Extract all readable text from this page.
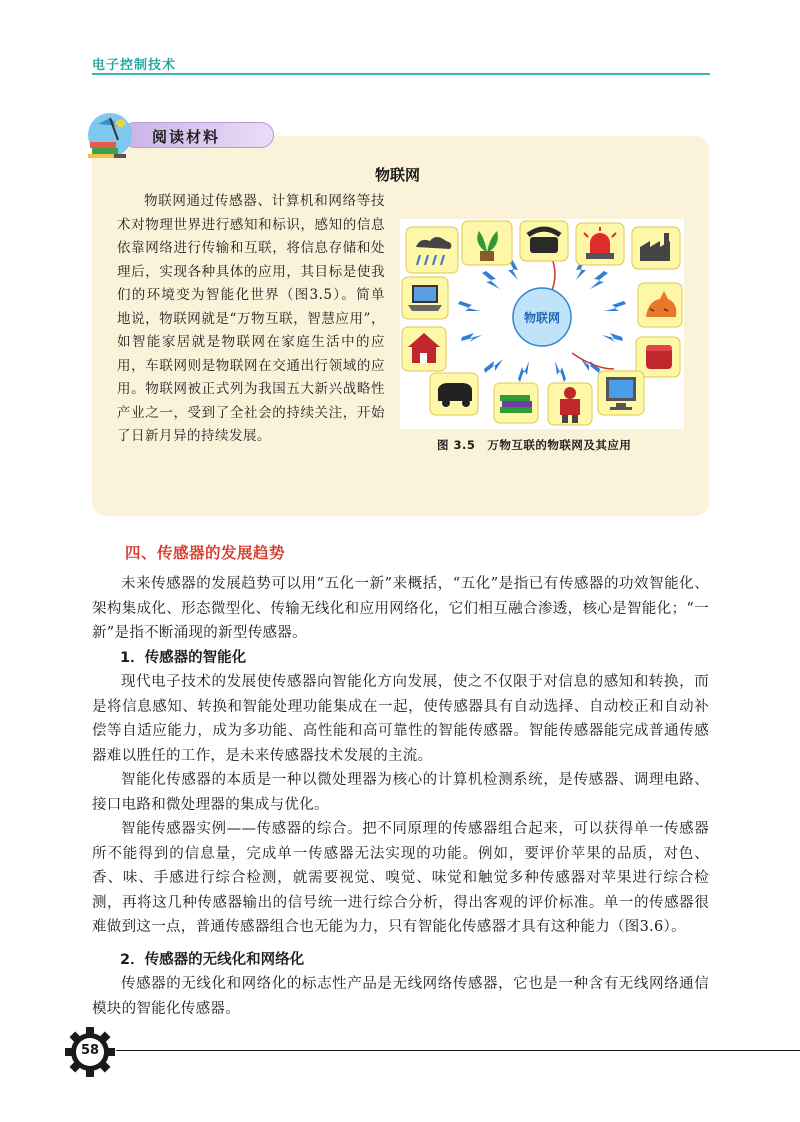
电子控制技术
阅读材料
物联网
物联网通过传感器、计算机和网络等技术对物理世界进行感知和标识，感知的信息依靠网络进行传输和互联，将信息存储和处理后，实现各种具体的应用，其目标是使我们的环境变为智能化世界（图3.5）。简单地说，物联网就是“万物互联，智慧应用”，如智能家居就是物联网在家庭生活中的应用，车联网则是物联网在交通出行领域的应用。物联网被正式列为我国五大新兴战略性产业之一，受到了全社会的持续关注，开始了日新月异的持续发展。
物联网
图 3.5　万物互联的物联网及其应用
四、传感器的发展趋势
未来传感器的发展趋势可以用“五化一新”来概括，“五化”是指已有传感器的功效智能化、架构集成化、形态微型化、传输无线化和应用网络化，它们相互融合渗透，核心是智能化；“一新”是指不断涌现的新型传感器。
1．传感器的智能化
现代电子技术的发展使传感器向智能化方向发展，使之不仅限于对信息的感知和转换，而是将信息感知、转换和智能处理功能集成在一起，使传感器具有自动选择、自动校正和自动补偿等自适应能力，成为多功能、高性能和高可靠性的智能传感器。智能传感器能完成普通传感器难以胜任的工作，是未来传感器技术发展的主流。
智能化传感器的本质是一种以微处理器为核心的计算机检测系统，是传感器、调理电路、接口电路和微处理器的集成与优化。
智能传感器实例——传感器的综合。把不同原理的传感器组合起来，可以获得单一传感器所不能得到的信息量，完成单一传感器无法实现的功能。例如，要评价苹果的品质，对色、香、味、手感进行综合检测，就需要视觉、嗅觉、味觉和触觉多种传感器对苹果进行综合检测，再将这几种传感器输出的信号统一进行综合分析，得出客观的评价标准。单一的传感器很难做到这一点，普通传感器组合也无能为力，只有智能化传感器才具有这种能力（图3.6）。
2．传感器的无线化和网络化
传感器的无线化和网络化的标志性产品是无线网络传感器，它也是一种含有无线网络通信模块的智能化传感器。
58
